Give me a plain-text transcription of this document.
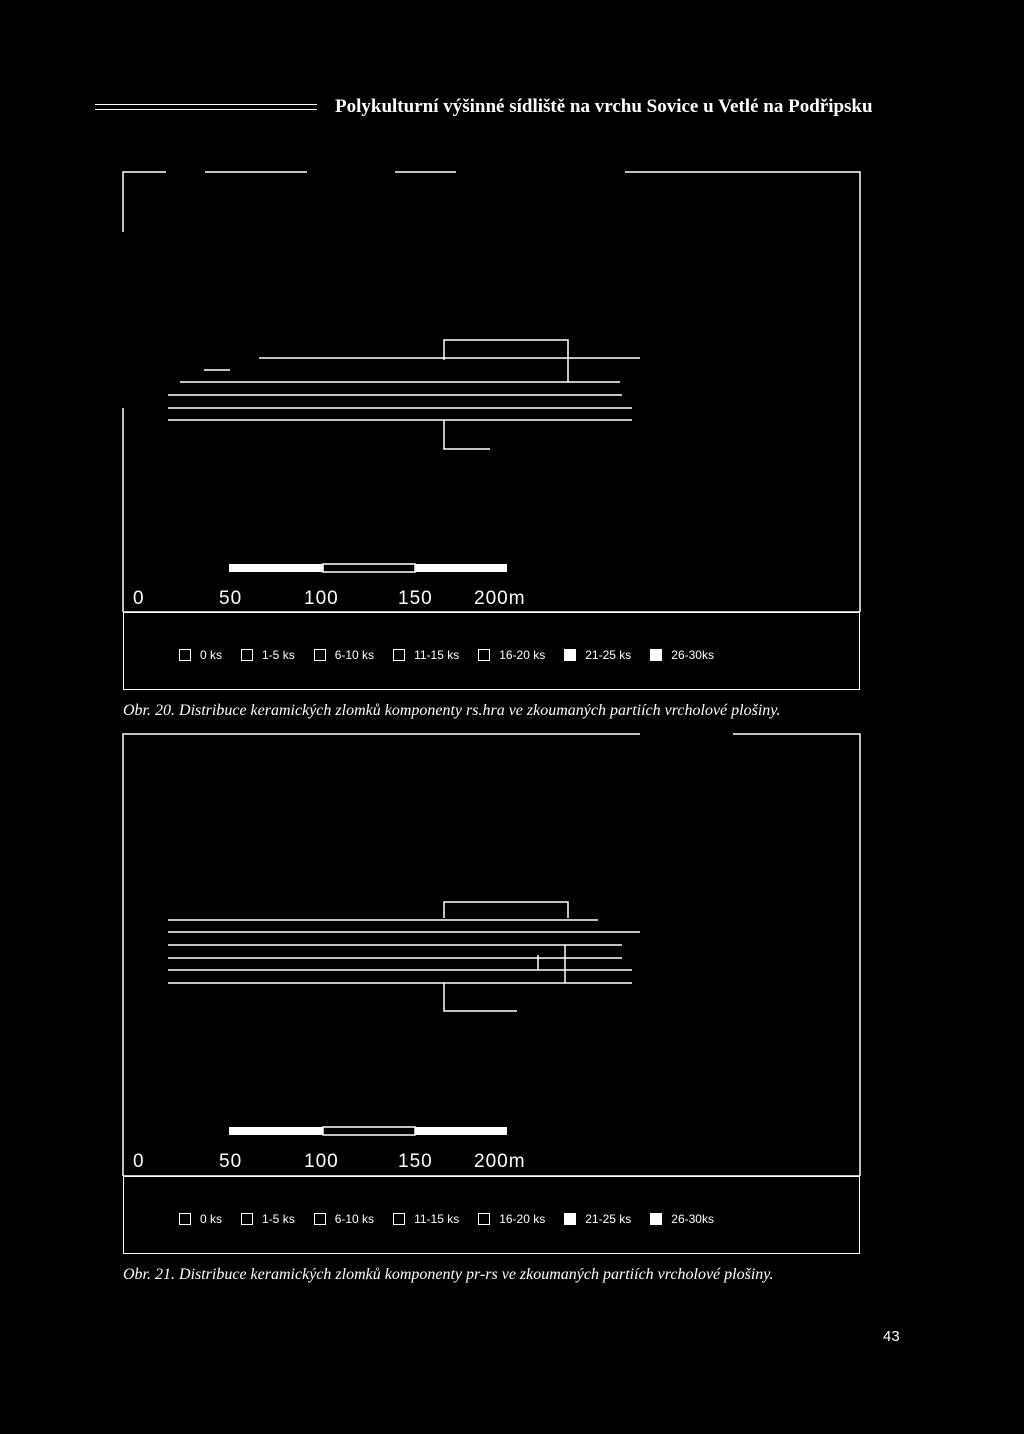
Polykulturní výšinné sídliště na vrchu Sovice u Vetlé na Podřipsku
0	50	100	150 200m
0 ks	1-5 ks	6-10 ks	11-15 ks	16-20 ks	21-25 ks	26-30ks
Obr. 20. Distribuce keramických zlomků komponenty rs.hra ve zkoumaných partiích vrcholové plošiny.
0	50	100	150 200m
0 ks	1-5 ks	6-10 ks	11-15 ks	16-20 ks	21-25 ks	26-30ks
Obr. 21. Distribuce keramických zlomků komponenty pr-rs ve zkoumaných partiích vrcholové plošiny.
43
